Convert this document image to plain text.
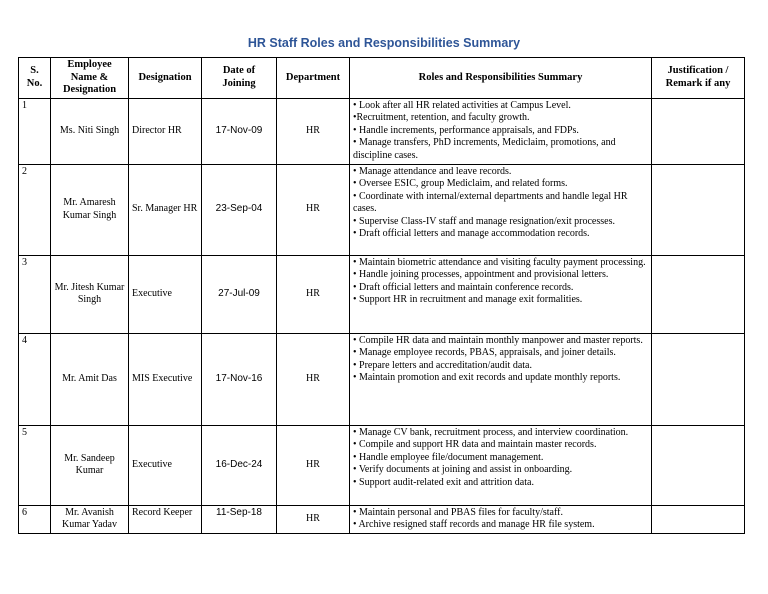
HR Staff Roles and Responsibilities Summary
S. No.	Employee Name & Designation	Designation	Date of Joining	Department	Roles and Responsibilities Summary	Justification / Remark if any
1	Ms. Niti Singh	Director HR	17-Nov-09	HR	• Look after all HR related activities at Campus Level.
•Recruitment, retention, and faculty growth.
• Handle increments, performance appraisals, and FDPs.
• Manage transfers, PhD increments, Mediclaim, promotions, and discipline cases.	

2	Mr. Amaresh Kumar Singh	Sr. Manager HR	23-Sep-04	HR	• Manage attendance and leave records.
• Oversee ESIC, group Mediclaim, and related forms.
• Coordinate with internal/external departments and handle legal HR cases.
• Supervise Class-IV staff and manage resignation/exit processes.
• Draft official letters and manage accommodation records.	

3	Mr. Jitesh Kumar Singh	Executive	27-Jul-09	HR	• Maintain biometric attendance and visiting faculty payment processing.
• Handle joining processes, appointment and provisional letters.
• Draft official letters and maintain conference records.
• Support HR in recruitment and manage exit formalities.	

4	Mr. Amit Das	MIS Executive	17-Nov-16	HR	• Compile HR data and maintain monthly manpower and master reports.
• Manage employee records, PBAS, appraisals, and joiner details.
• Prepare letters and accreditation/audit data.
• Maintain promotion and exit records and update monthly reports.	

5	Mr. Sandeep Kumar	Executive	16-Dec-24	HR	• Manage CV bank, recruitment process, and interview coordination.
• Compile and support HR data and maintain master records.
• Handle employee file/document management.
• Verify documents at joining and assist in onboarding.
• Support audit-related exit and attrition data.	

6	Mr. Avanish Kumar Yadav	Record Keeper	11-Sep-18	HR	• Maintain personal and PBAS files for faculty/staff.
• Archive resigned staff records and manage HR file system.	
